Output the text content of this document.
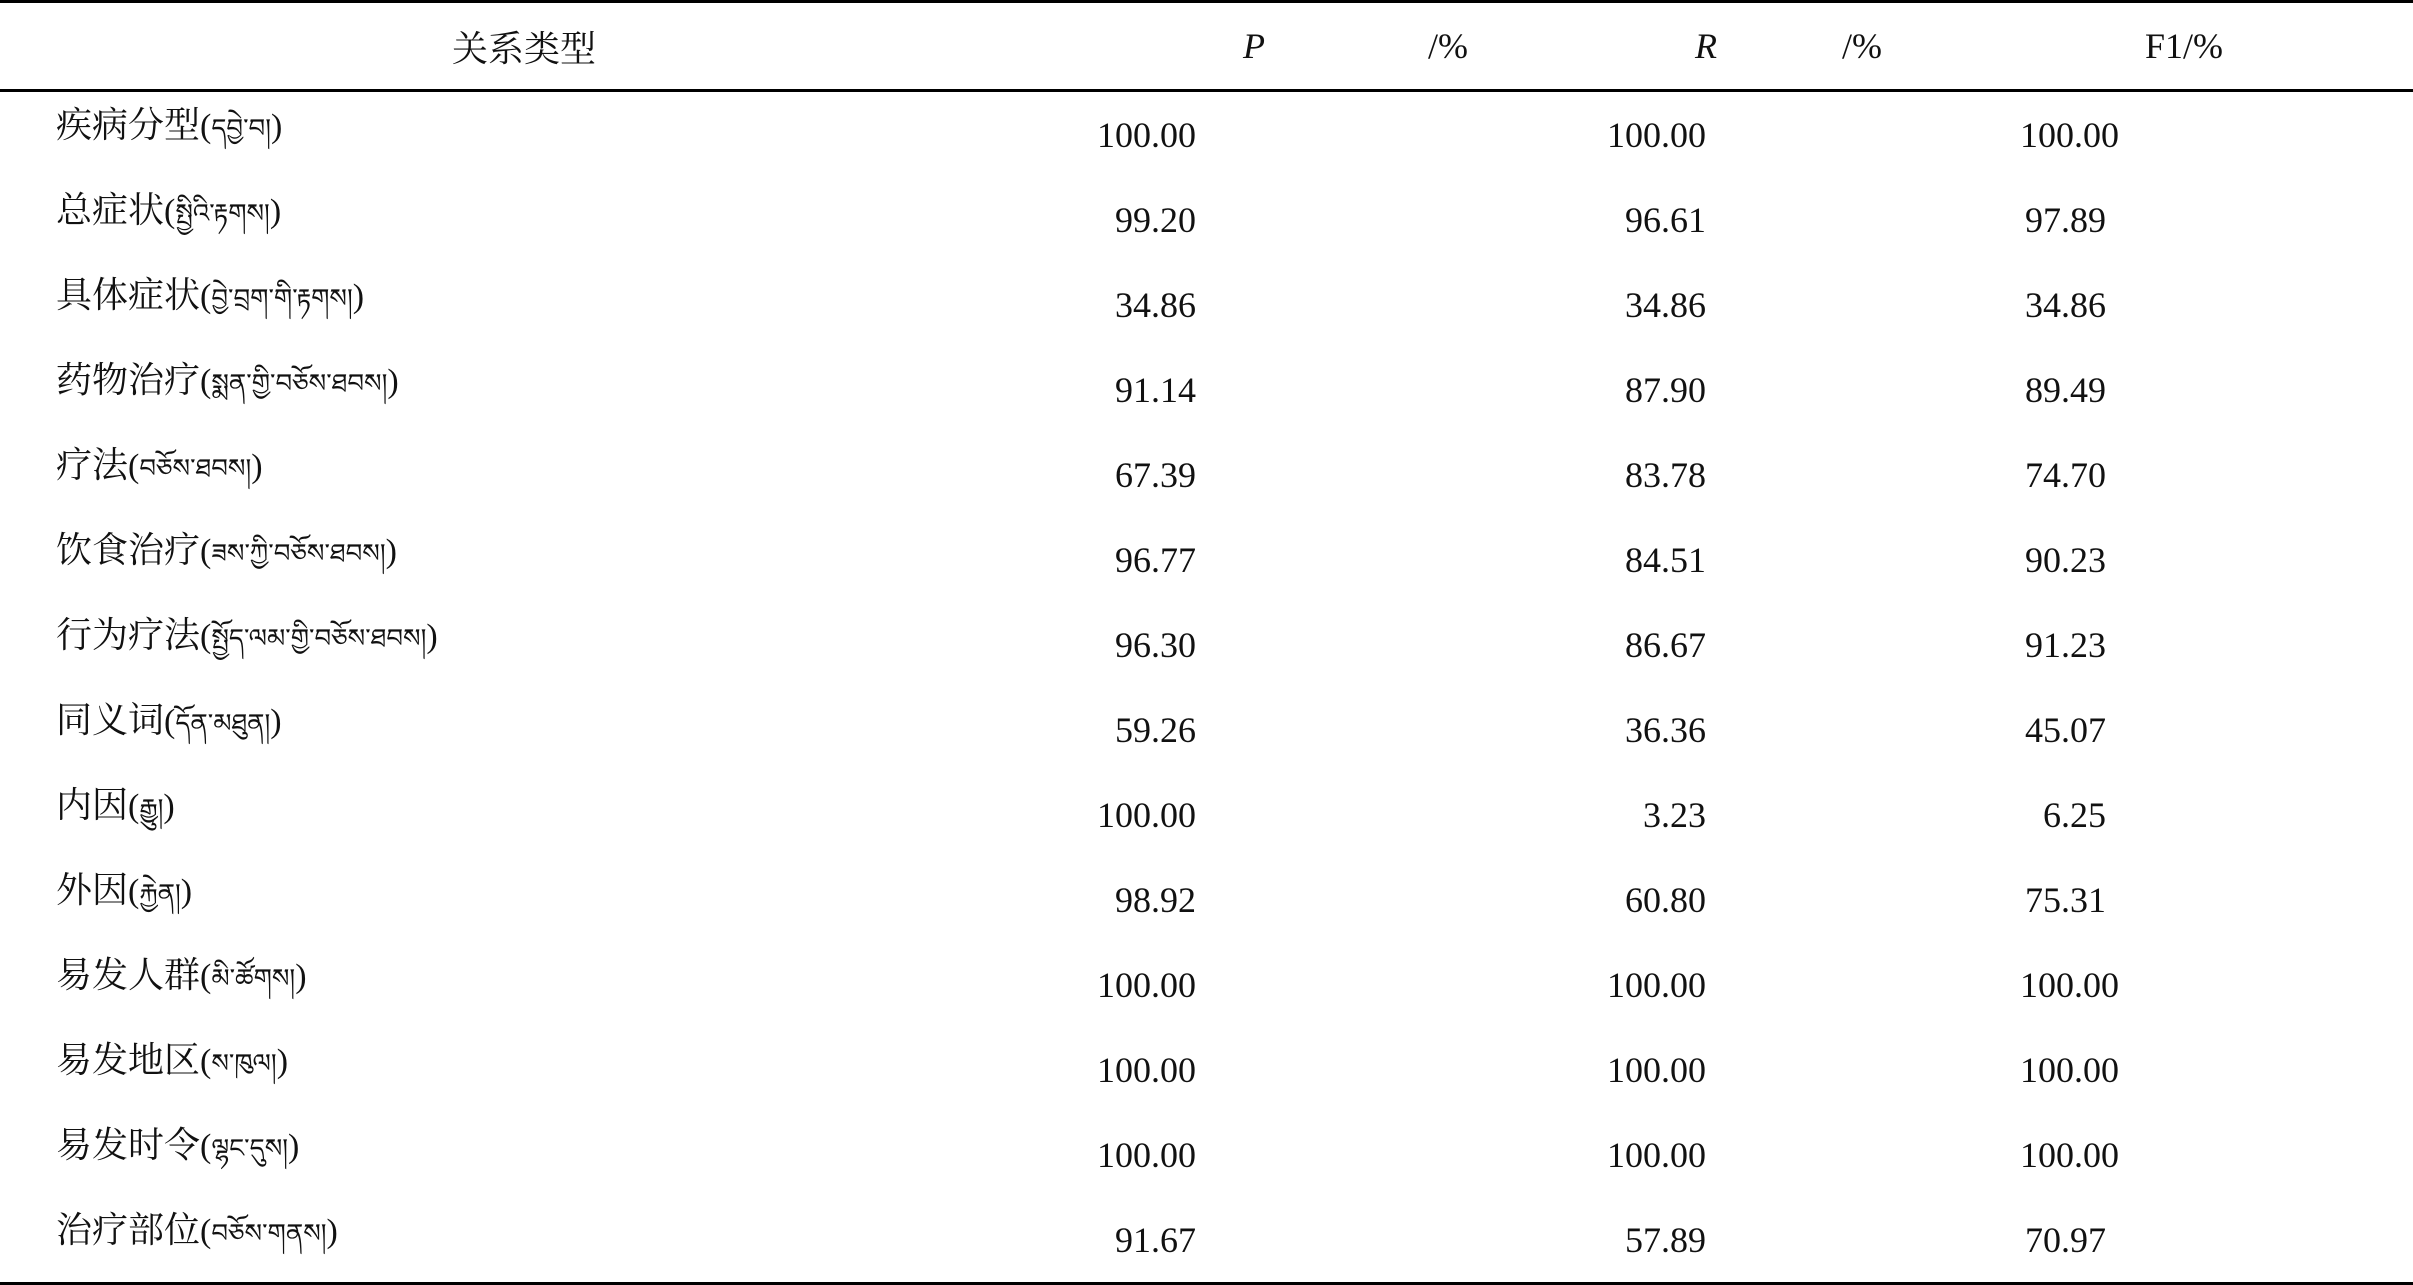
关系类型	P /%	R /%	F1/%
疾病分型(དབྱེ་བ།)	100.00	100.00	100.00
总症状(སྤྱིའི་རྟགས།)	99.20	96.61	97.89
具体症状(བྱེ་བྲག་གི་རྟགས།)	34.86	34.86	34.86
药物治疗(སྨན་གྱི་བཅོས་ཐབས།)	91.14	87.90	89.49
疗法(བཅོས་ཐབས།)	67.39	83.78	74.70
饮食治疗(ཟས་ཀྱི་བཅོས་ཐབས།)	96.77	84.51	90.23
行为疗法(སྤྱོད་ལམ་གྱི་བཅོས་ཐབས།)	96.30	86.67	91.23
同义词(དོན་མཐུན།)	59.26	36.36	45.07
内因(རྒྱུ།)	100.00	3.23	6.25
外因(རྐྱེན།)	98.92	60.80	75.31
易发人群(མི་ཚོགས།)	100.00	100.00	100.00
易发地区(ས་ཁུལ།)	100.00	100.00	100.00
易发时令(ལྷང་དུས།)	100.00	100.00	100.00
治疗部位(བཅོས་གནས།)	91.67	57.89	70.97
